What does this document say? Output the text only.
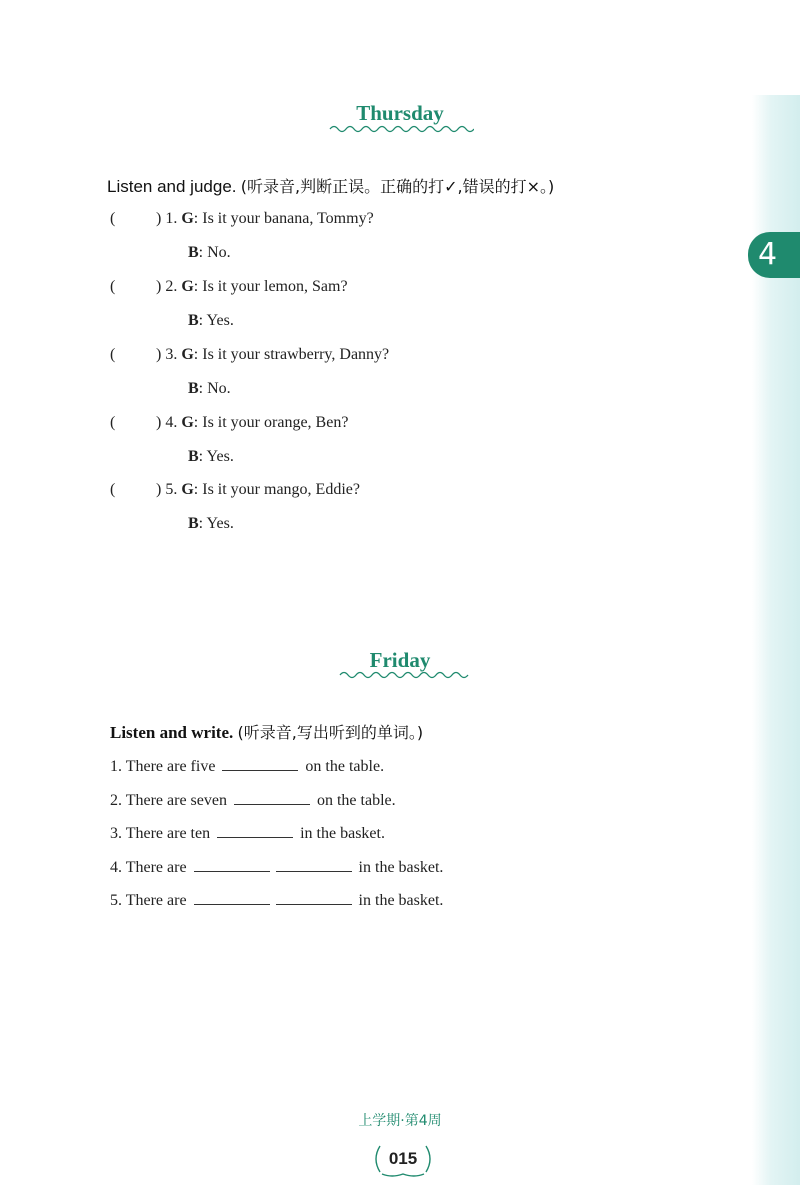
4
Thursday
Listen and judge. (听录音,判断正误。正确的打✓,错误的打×。)
(	) 1. G: Is it your banana, Tommy?
B: No.
(	) 2. G: Is it your lemon, Sam?
B: Yes.
(	) 3. G: Is it your strawberry, Danny?
B: No.
(	) 4. G: Is it your orange, Ben?
B: Yes.
(	) 5. G: Is it your mango, Eddie?
B: Yes.
Friday
Listen and write. (听录音,写出听到的单词。)
1. There are five	on the table.
2. There are seven	on the table.
3. There are ten	in the basket.
4. There are	in the basket.
5. There are	in the basket.
上学期·第4周
015
